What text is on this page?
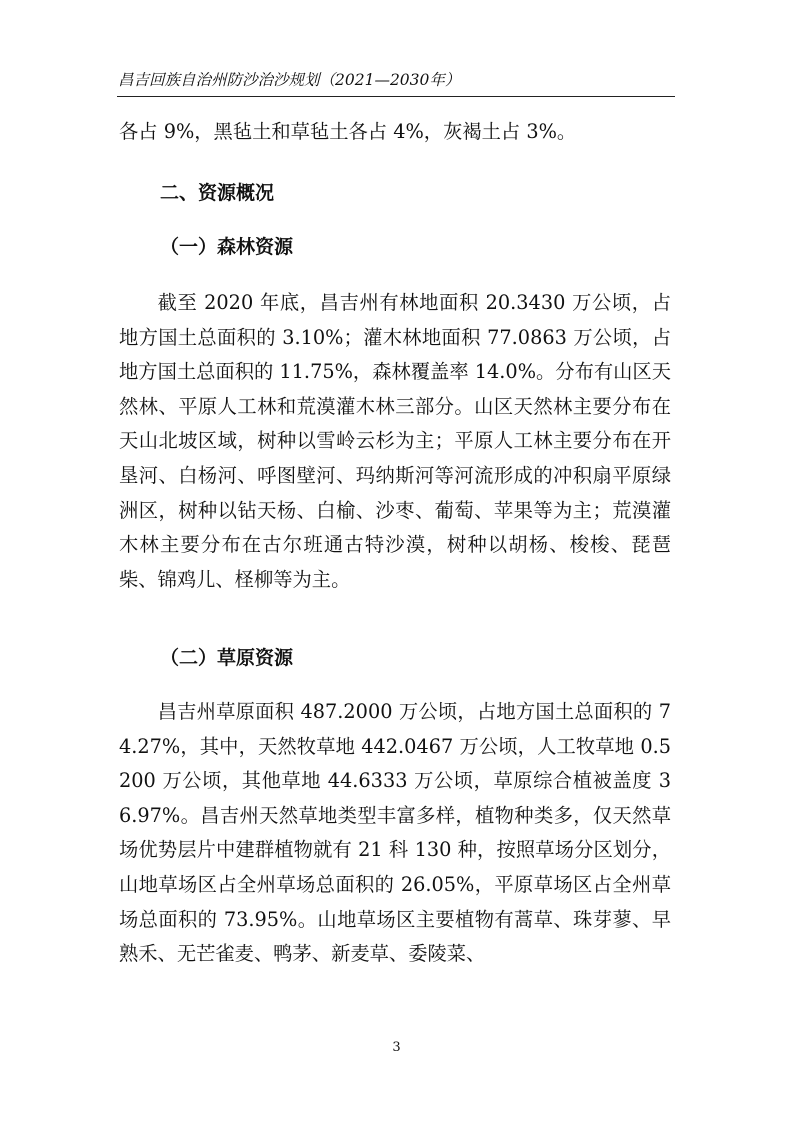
昌吉回族自治州防沙治沙规划（2021—2030年）

各占 9%，黑毡土和草毡土各占 4%，灰褐土占 3%。

二、资源概况
（一）森林资源

截至 2020 年底，昌吉州有林地面积 20.3430 万公顷，占地方国土总面积的 3.10%；灌木林地面积 77.0863 万公顷，占地方国土总面积的 11.75%，森林覆盖率 14.0%。分布有山区天然林、平原人工林和荒漠灌木林三部分。山区天然林主要分布在天山北坡区域，树种以雪岭云杉为主；平原人工林主要分布在开垦河、白杨河、呼图壁河、玛纳斯河等河流形成的冲积扇平原绿洲区，树种以钻天杨、白榆、沙枣、葡萄、苹果等为主；荒漠灌木林主要分布在古尔班通古特沙漠，树种以胡杨、梭梭、琵琶柴、锦鸡儿、柽柳等为主。

（二）草原资源

昌吉州草原面积 487.2000 万公顷，占地方国土总面积的 74.27%，其中，天然牧草地 442.0467 万公顷，人工牧草地 0.5200 万公顷，其他草地 44.6333 万公顷，草原综合植被盖度 36.97%。昌吉州天然草地类型丰富多样，植物种类多，仅天然草场优势层片中建群植物就有 21 科 130 种，按照草场分区划分，山地草场区占全州草场总面积的 26.05%，平原草场区占全州草场总面积的 73.95%。山地草场区主要植物有蒿草、珠芽蓼、早熟禾、无芒雀麦、鸭茅、新麦草、委陵菜、

3
